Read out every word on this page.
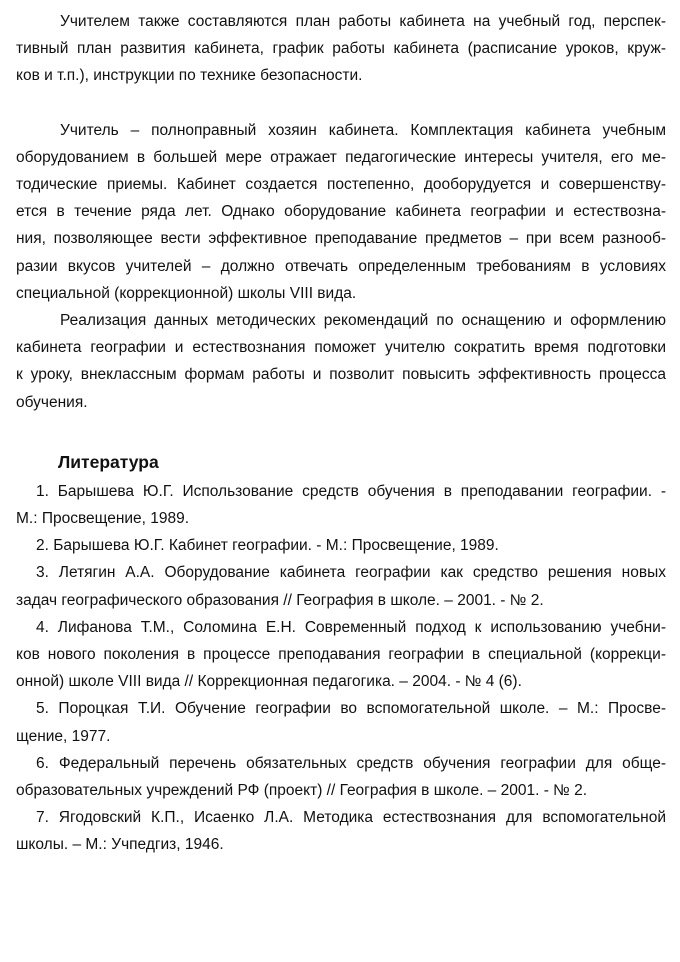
Учителем также составляются план работы кабинета на учебный год, перспек-
тивный план развития кабинета, график работы кабинета (расписание уроков, круж-
ков и т.п.), инструкции по технике безопасности.
Учитель – полноправный хозяин кабинета. Комплектация кабинета учебным
оборудованием в большей мере отражает педагогические интересы учителя, его ме-
тодические приемы. Кабинет создается постепенно, дооборудуется и совершенству-
ется в течение ряда лет. Однако оборудование кабинета географии и естествозна-
ния, позволяющее вести эффективное преподавание предметов – при всем разнооб-
разии вкусов учителей – должно отвечать определенным требованиям в условиях
специальной (коррекционной) школы VIII вида.
Реализация данных методических рекомендаций по оснащению и оформлению
кабинета географии и естествознания поможет учителю сократить время подготовки
к уроку, внеклассным формам работы и позволит повысить эффективность процесса
обучения.
Литература
1. Барышева Ю.Г. Использование средств обучения в преподавании географии. -
М.: Просвещение, 1989.
2. Барышева Ю.Г. Кабинет географии. - М.: Просвещение, 1989.
3. Летягин А.А. Оборудование кабинета географии как средство решения новых
задач географического образования // География в школе. – 2001. - № 2.
4. Лифанова Т.М., Соломина Е.Н. Современный подход к использованию учебни-
ков нового поколения в процессе преподавания географии в специальной (коррекци-
онной) школе VIII вида // Коррекционная педагогика. – 2004. - № 4 (6).
5. Пороцкая Т.И. Обучение географии во вспомогательной школе. – М.: Просве-
щение, 1977.
6. Федеральный перечень обязательных средств обучения географии для обще-
образовательных учреждений РФ (проект) // География в школе. – 2001. - № 2.
7. Ягодовский К.П., Исаенко Л.А. Методика естествознания для вспомогательной
школы. – М.: Учпедгиз, 1946.
